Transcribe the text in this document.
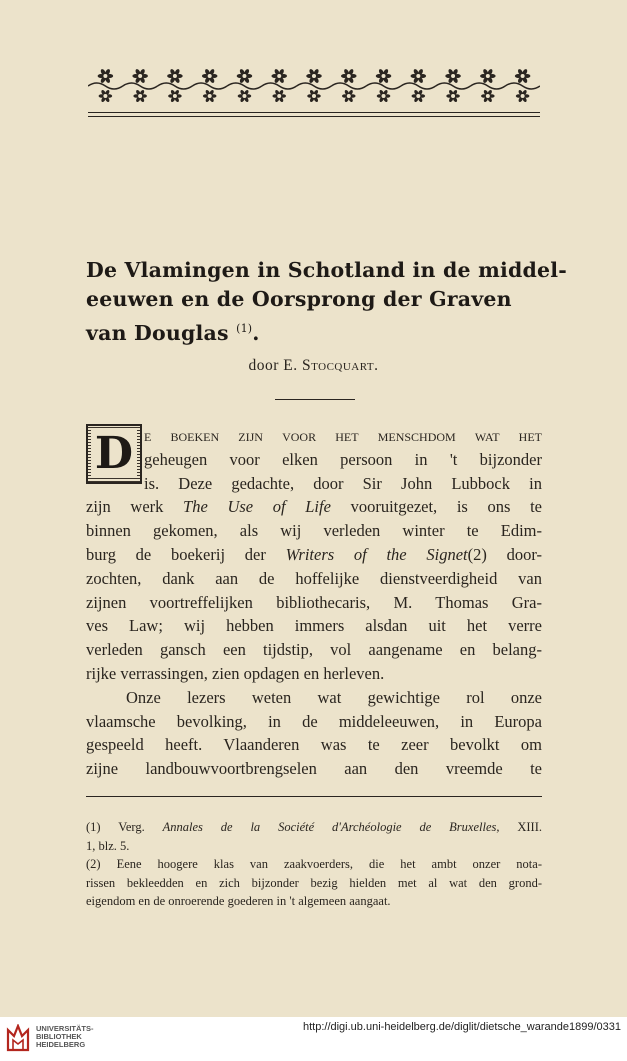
De Vlamingen in Schotland in de middel-
eeuwen en de Oorsprong der Graven
van Douglas $^{(1)}$.
door E. Stocquart.
D e boeken zijn voor het menschdom wat het
geheugen voor elken persoon in 't bijzonder
is. Deze gedachte, door Sir John Lubbock in
zijn werk The Use of Life vooruitgezet, is ons te
binnen gekomen, als wij verleden winter te Edim-
burg de boekerij der Writers of the Signet(2) door-
zochten, dank aan de hoffelijke dienstveerdigheid van
zijnen voortreffelijken bibliothecaris, M. Thomas Gra-
ves Law; wij hebben immers alsdan uit het verre
verleden gansch een tijdstip, vol aangename en belang-
rijke verrassingen, zien opdagen en herleven.
Onze lezers weten wat gewichtige rol onze
vlaamsche bevolking, in de middeleeuwen, in Europa
gespeeld heeft. Vlaanderen was te zeer bevolkt om
zijne landbouwvoortbrengselen aan den vreemde te
(1) Verg. Annales de la Société d'Archéologie de Bruxelles, XIII.
1, blz. 5.
(2) Eene hoogere klas van zaakvoerders, die het ambt onzer nota-
rissen bekleedden en zich bijzonder bezig hielden met al wat den grond-
eigendom en de onroerende goederen in 't algemeen aangaat.
UNIVERSITÄTS-
BIBLIOTHEK
HEIDELBERG
http://digi.ub.uni-heidelberg.de/diglit/dietsche_warande1899/0331
